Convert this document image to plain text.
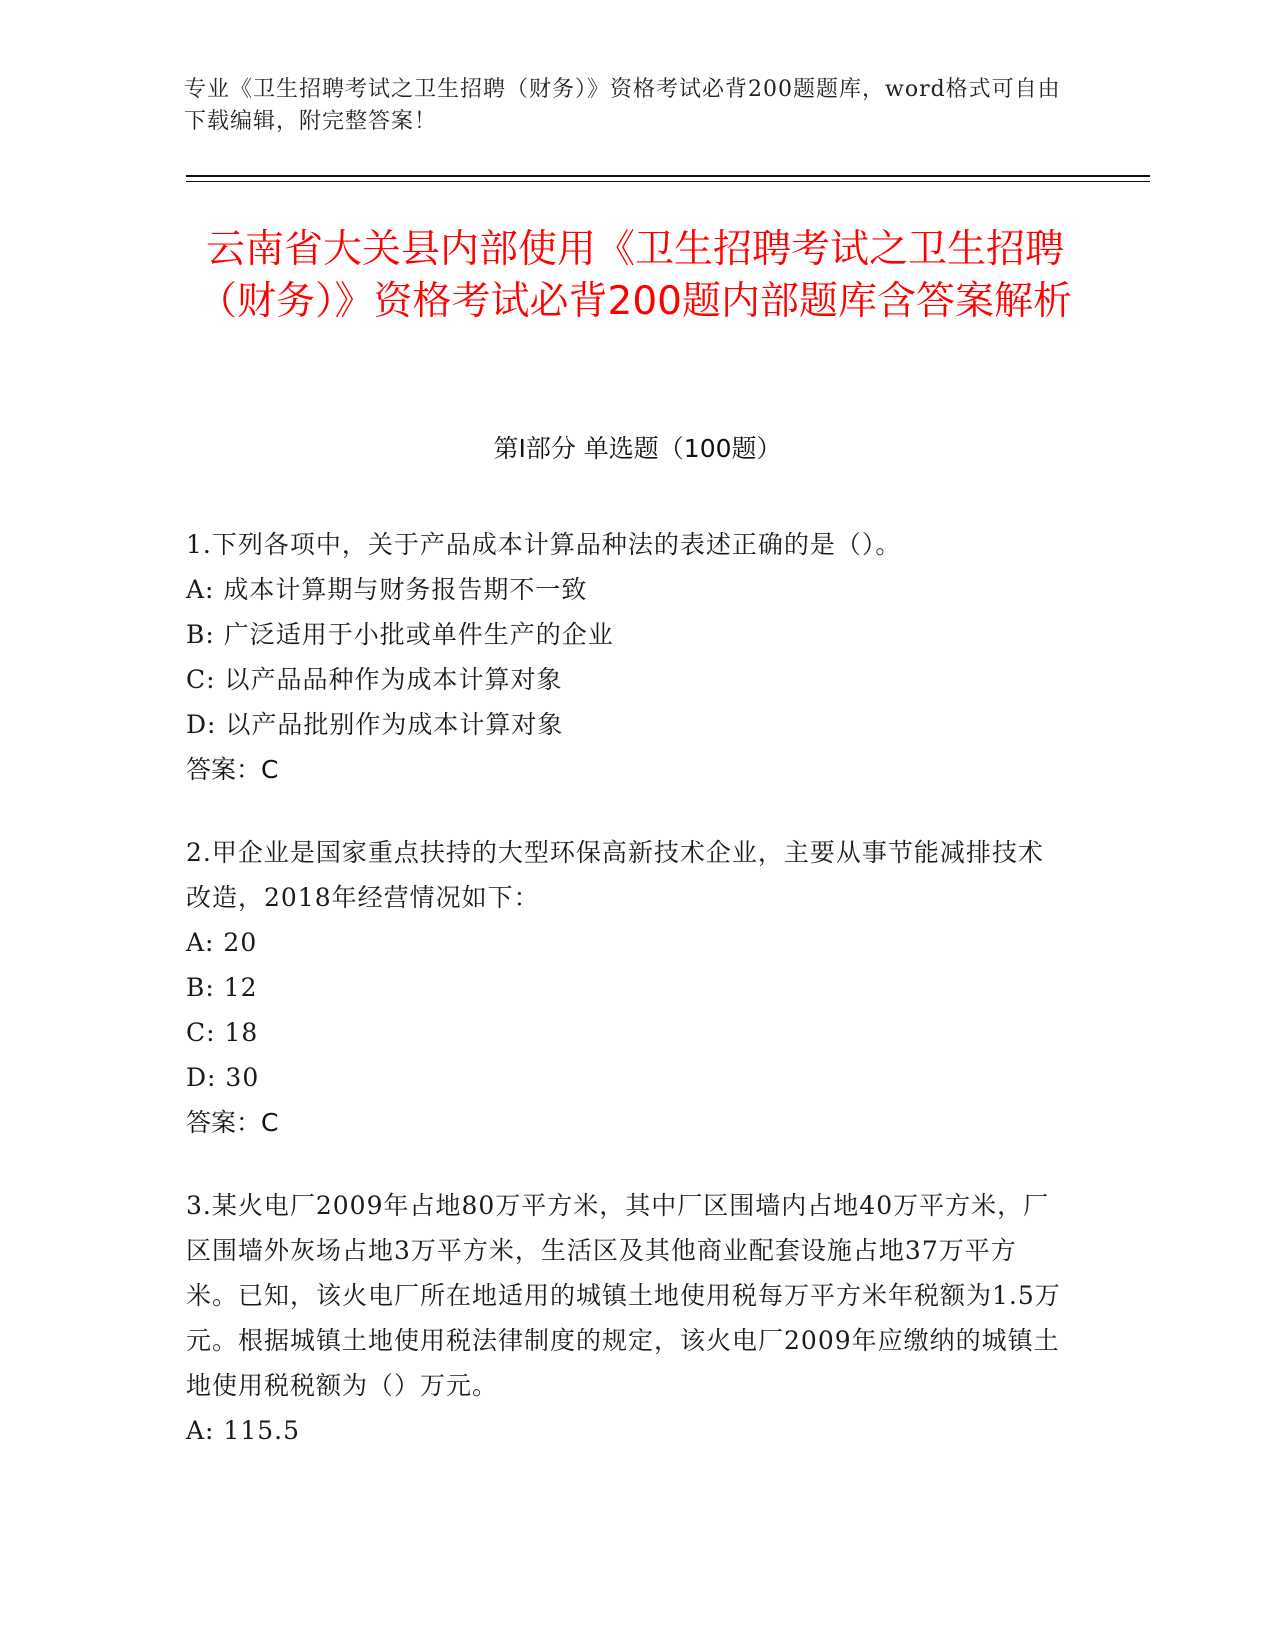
专业《卫生招聘考试之卫生招聘（财务）》资格考试必背200题题库，word格式可自由下载编辑，附完整答案！
云南省大关县内部使用《卫生招聘考试之卫生招聘（财务）》资格考试必背200题内部题库含答案解析
第Ⅰ部分 单选题（100题）

1.下列各项中，关于产品成本计算品种法的表述正确的是（）。

A: 成本计算期与财务报告期不一致

B: 广泛适用于小批或单件生产的企业

C: 以产品品种作为成本计算对象

D: 以产品批别作为成本计算对象

答案：C

2.甲企业是国家重点扶持的大型环保高新技术企业，主要从事节能减排技术改造，2018年经营情况如下：

A: 20

B: 12

C: 18

D: 30

答案：C

3.某火电厂2009年占地80万平方米，其中厂区围墙内占地40万平方米，厂区围墙外灰场占地3万平方米，生活区及其他商业配套设施占地37万平方米。已知，该火电厂所在地适用的城镇土地使用税每万平方米年税额为1.5万元。根据城镇土地使用税法律制度的规定，该火电厂2009年应缴纳的城镇土地使用税税额为（）万元。

A: 115.5
